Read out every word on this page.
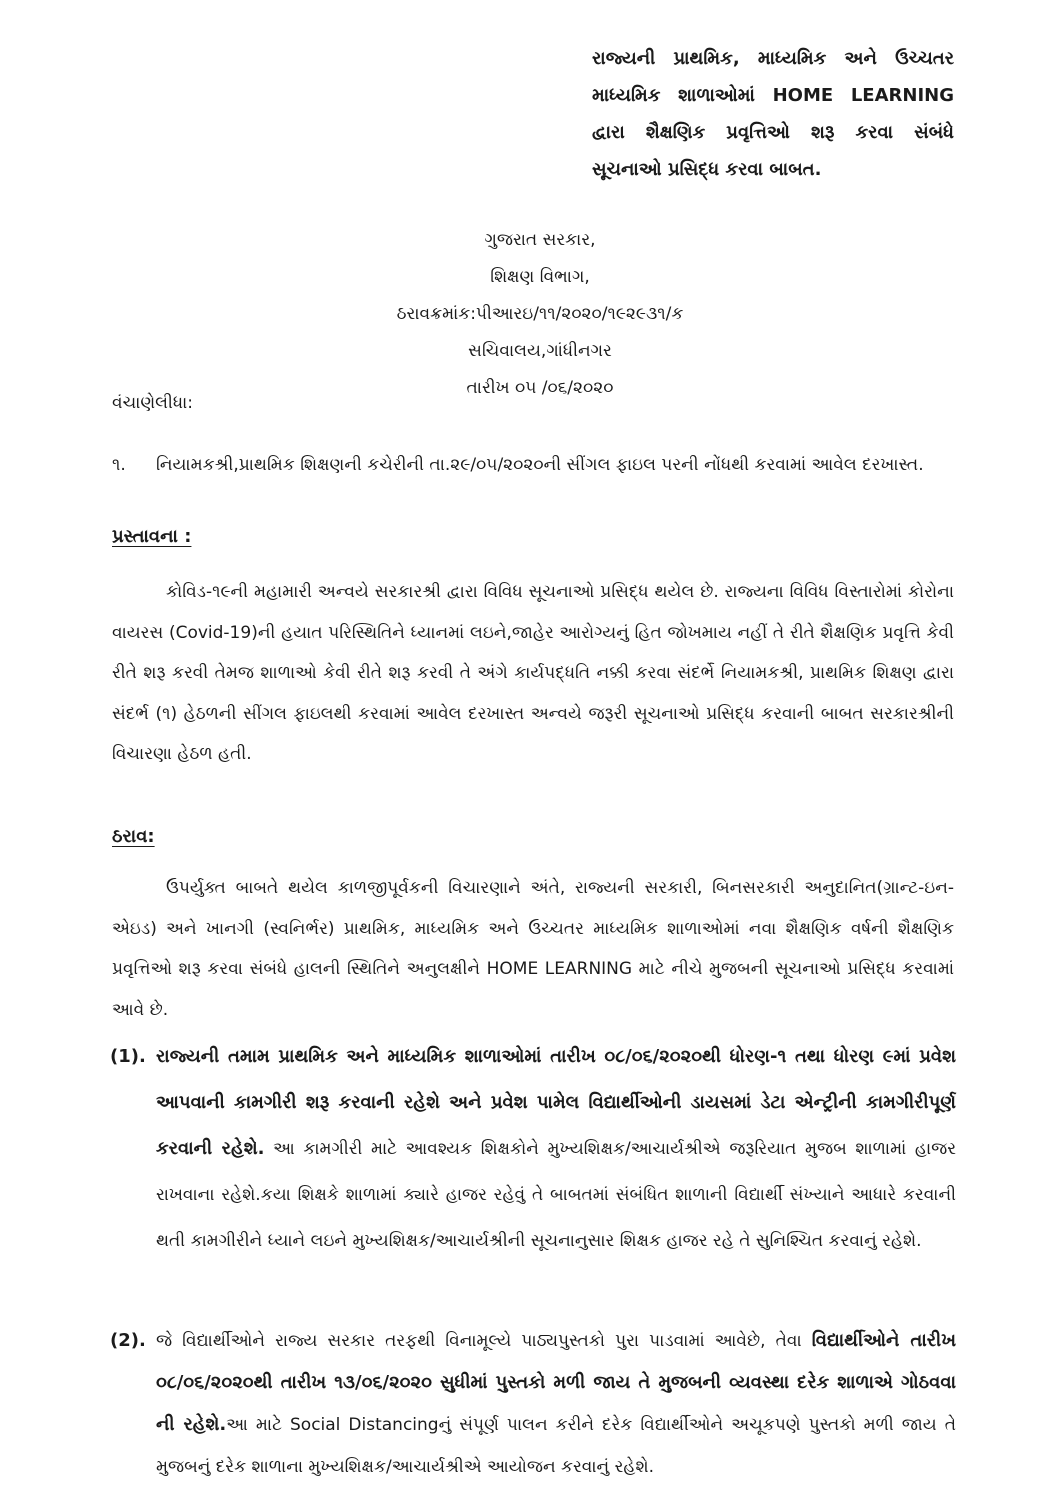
રાજ્યની પ્રાથમિક, માધ્યમિક અને ઉચ્ચતર માધ્યમિક શાળાઓમાં HOME LEARNING દ્વારા શૈક્ષણિક પ્રવૃત્તિઓ શરૂ કરવા સંબંધે સૂચનાઓ પ્રસિદ્ધ કરવા બાબત.
ગુજરાત સરકાર,
શિક્ષણ વિભાગ,
ઠરાવક્રમાંક:પીઆરઇ/૧૧/૨૦૨૦/૧૯૨૯૩૧/ક
સચિવાલય,ગાંધીનગર
તારીખ ૦૫ /૦૬/૨૦૨૦
વંચાણેલીધા:
૧.	નિયામકશ્રી,પ્રાથમિક શિક્ષણની કચેરીની તા.૨૯/૦૫/૨૦૨૦ની સીંગલ ફાઇલ પરની નોંધથી કરવામાં આવેલ દરખાસ્ત.
પ્રસ્તાવના :

કોવિડ-૧૯ની મહામારી અન્વયે સરકારશ્રી દ્વારા વિવિધ સૂચનાઓ પ્રસિદ્ધ થયેલ છે. રાજ્યના વિવિધ વિસ્તારોમાં કોરોના વાયરસ (Covid-19)ની હયાત પરિસ્થિતિને ધ્યાનમાં લઇને,જાહેર આરોગ્યનું હિત જોખમાય નહીં તે રીતે શૈક્ષણિક પ્રવૃત્તિ કેવી રીતે શરૂ કરવી તેમજ શાળાઓ કેવી રીતે શરૂ કરવી તે અંગે કાર્યપદ્ધતિ નક્કી કરવા સંદર્ભે નિયામકશ્રી, પ્રાથમિક શિક્ષણ દ્વારા સંદર્ભ (૧) હેઠળની સીંગલ ફાઇલથી કરવામાં આવેલ દરખાસ્ત અન્વયે જરૂરી સૂચનાઓ પ્રસિદ્ધ કરવાની બાબત સરકારશ્રીની વિચારણા હેઠળ હતી.

ઠરાવ:

ઉપર્યુક્ત બાબતે થયેલ કાળજીપૂર્વકની વિચારણાને અંતે, રાજ્યની સરકારી, બિનસરકારી અનુદાનિત(ગ્રાન્ટ-ઇન-એઇડ) અને ખાનગી (સ્વનિર્ભર) પ્રાથમિક, માધ્યમિક અને ઉચ્ચતર માધ્યમિક શાળાઓમાં નવા શૈક્ષણિક વર્ષની શૈક્ષણિક પ્રવૃત્તિઓ શરૂ કરવા સંબંધે હાલની સ્થિતિને અનુલક્ષીને HOME LEARNING માટે નીચે મુજબની સૂચનાઓ પ્રસિદ્ધ કરવામાં આવે છે.

(1). રાજ્યની તમામ પ્રાથમિક અને માધ્યમિક શાળાઓમાં તારીખ ૦૮/૦૬/૨૦૨૦થી ધોરણ-૧ તથા ધોરણ ૯માં પ્રવેશ આપવાની કામગીરી શરૂ કરવાની રહેશે અને પ્રવેશ પામેલ વિદ્યાર્થીઓની ડાયસમાં ડેટા એન્ટ્રીની કામગીરીપૂર્ણ કરવાની રહેશે. આ કામગીરી માટે આવશ્યક શિક્ષકોને મુખ્યશિક્ષક/આચાર્યશ્રીએ જરૂરિયાત મુજબ શાળામાં હાજર રાખવાના રહેશે.કયા શિક્ષકે શાળામાં ક્યારે હાજર રહેવું તે બાબતમાં સંબંધિત શાળાની વિદ્યાર્થી સંખ્યાને આધારે કરવાની થતી કામગીરીને ધ્યાને લઇને મુખ્યશિક્ષક/આચાર્યશ્રીની સૂચનાનુસાર શિક્ષક હાજર રહે તે સુનિશ્ચિત કરવાનું રહેશે.

(2). જે વિદ્યાર્થીઓને રાજ્ય સરકાર તરફથી વિનામૂલ્યે પાઠ્યપુસ્તકો પુરા પાડવામાં આવેછે, તેવા વિદ્યાર્થીઓને તારીખ ૦૮/૦૬/૨૦૨૦થી તારીખ ૧૩/૦૬/૨૦૨૦ સુધીમાં પુસ્તકો મળી જાય તે મુજબની વ્યવસ્થા દરેક શાળાએ ગોઠવવા ની રહેશે.આ માટે Social Distancingનું સંપૂર્ણ પાલન કરીને દરેક વિદ્યાર્થીઓને અચૂકપણે પુસ્તકો મળી જાય તે મુજબનું દરેક શાળાના મુખ્યશિક્ષક/આચાર્યશ્રીએ આયોજન કરવાનું રહેશે.
